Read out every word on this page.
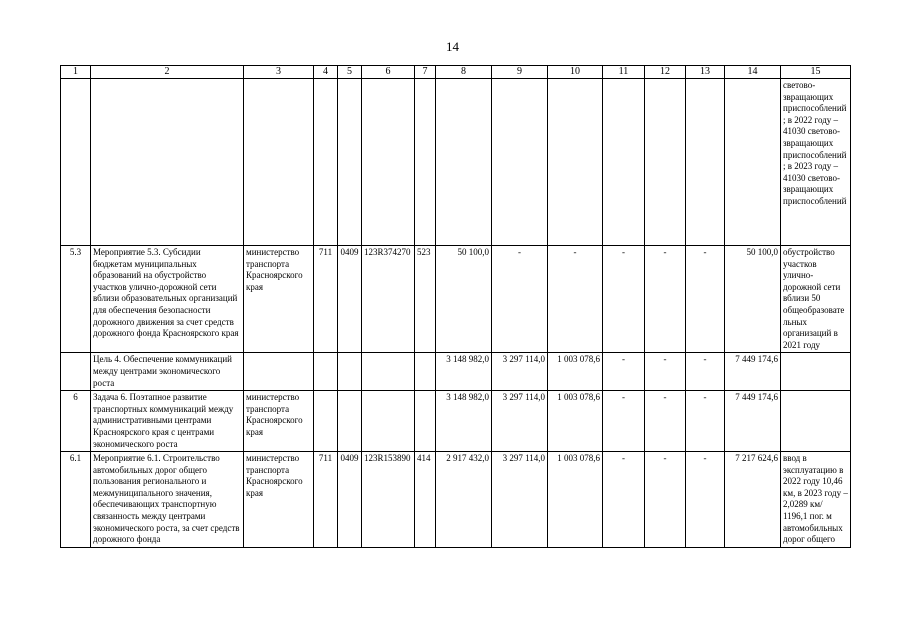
14
1	2	3	4	5	6	7	8	9	10	11	12	13	14	15
														световозвращающих приспособлений; в 2022 году – 41030 световозвращающих приспособлений; в 2023 году – 41030 световозвращающих приспособлений
5.3	Мероприятие 5.3. Субсидии бюджетам муниципальных образований на обустройство участков улично-дорожной сети вблизи образовательных организаций для обеспечения безопасности дорожного движения за счет средств дорожного фонда Красноярского края	министерство транспорта Красноярского края	711	0409	123R374270	523	50 100,0	-	-	-	-	-	50 100,0	обустройство участков улично-дорожной сети вблизи 50 общеобразовательных организаций в 2021 году
	Цель 4. Обеспечение коммуникаций между центрами экономического роста						3 148 982,0	3 297 114,0	1 003 078,6	-	-	-	7 449 174,6	
6	Задача 6. Поэтапное развитие транспортных коммуникаций между административными центрами Красноярского края с центрами экономического роста	министерство транспорта Красноярского края					3 148 982,0	3 297 114,0	1 003 078,6	-	-	-	7 449 174,6	
6.1	Мероприятие 6.1. Строительство автомобильных дорог общего пользования регионального и межмуниципального значения, обеспечивающих транспортную связанность между центрами экономического роста, за счет средств дорожного фонда	министерство транспорта Красноярского края	711	0409	123R153890	414	2 917 432,0	3 297 114,0	1 003 078,6	-	-	-	7 217 624,6	ввод в эксплуатацию в 2022 году 10,46 км, в 2023 году – 2,0289 км/ 1196,1 пог. м автомобильных дорог общего
